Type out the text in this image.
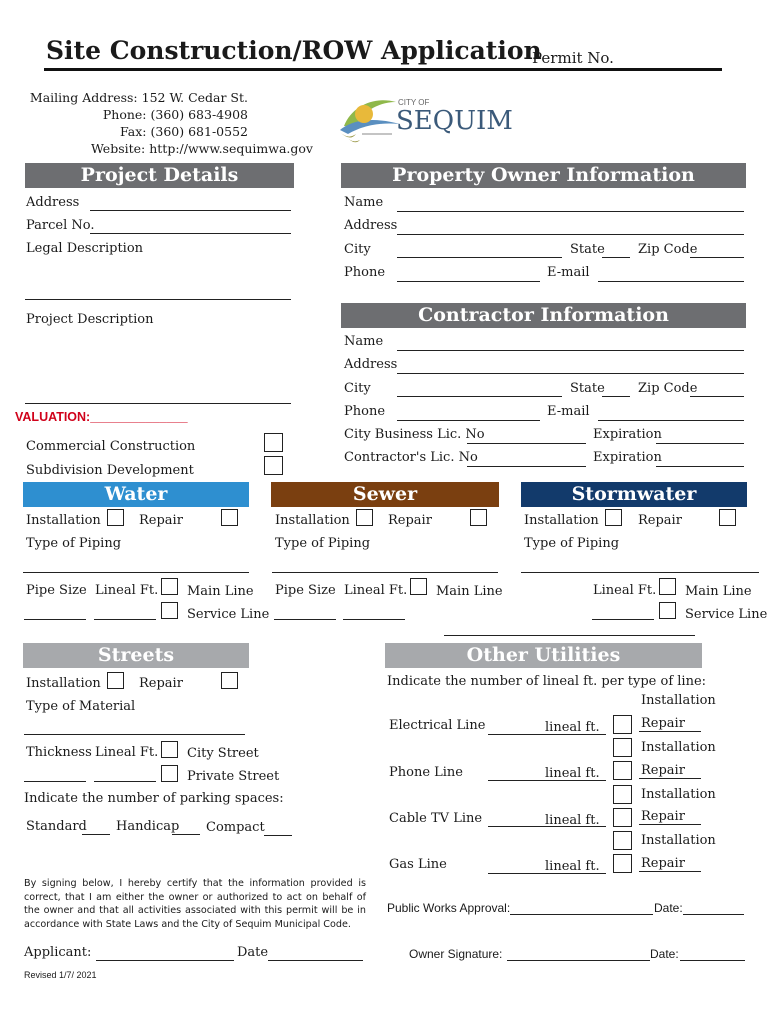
Site Construction/ROW Application
Permit No.
Mailing Address: 152 W. Cedar St.
Phone: (360) 683-4908
Fax: (360) 681-0552
Website: http://www.sequimwa.gov
CITY OF
SEQUIM
Project Details
Address
Parcel No.
Legal Description
Project Description
VALUATION:______________
Commercial Construction
Subdivision Development
Property Owner Information
Name
Address
City	State	Zip Code
Phone	E-mail
Contractor Information
Name
Address
City	State	Zip Code
Phone	E-mail
City Business Lic. No	Expiration
Contractor's Lic. No	Expiration
Water
Installation	Repair
Type of Piping
Pipe Size Lineal Ft. Main Line
Service Line
Sewer
Installation	Repair
Type of Piping
Pipe Size Lineal Ft. Main Line
Stormwater
Installation	Repair
Type of Piping
Lineal Ft. Main Line
Service Line
Streets
Installation	Repair
Type of Material
Thickness Lineal Ft. City Street
Private Street
Indicate the number of parking spaces:
Standard Handicap Compact
Other Utilities
Indicate the number of lineal ft. per type of line:
Installation
Electrical Line	lineal ft.	Repair
Installation
Phone Line	lineal ft.	Repair
Installation
Cable TV Line	lineal ft.	Repair
Installation
Gas Line	lineal ft.	Repair
By signing below, I hereby certify that the information provided is correct, that I am either the owner or authorized to act on behalf of the owner and that all activities associated with this permit will be in accordance with State Laws and the City of Sequim Municipal Code.
Public Works Approval:	Date:
Applicant:	Date	Owner Signature:	Date:
Revised 1/7/ 2021
